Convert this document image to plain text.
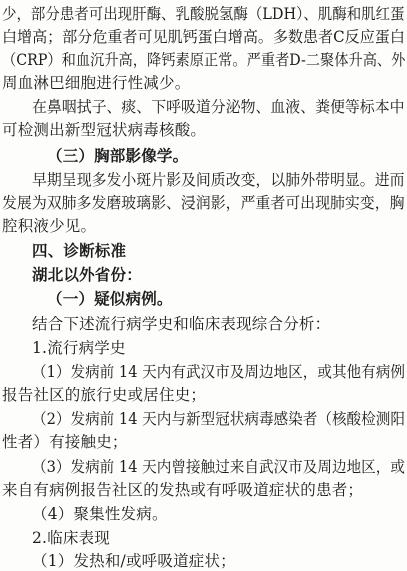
少，部分患者可出现肝酶、乳酸脱氢酶（LDH）、肌酶和肌红蛋
白增高；部分危重者可见肌钙蛋白增高。多数患者C反应蛋白
（CRP）和血沉升高，降钙素原正常。严重者D-二聚体升高、外
周血淋巴细胞进行性减少。
在鼻咽拭子、痰、下呼吸道分泌物、血液、粪便等标本中
可检测出新型冠状病毒核酸。
（三）胸部影像学。
早期呈现多发小斑片影及间质改变，以肺外带明显。进而
发展为双肺多发磨玻璃影、浸润影，严重者可出现肺实变，胸
腔积液少见。
四、诊断标准
湖北以外省份：
（一）疑似病例。
结合下述流行病学史和临床表现综合分析：
1.流行病学史
（1）发病前 14 天内有武汉市及周边地区，或其他有病例
报告社区的旅行史或居住史；
（2）发病前 14 天内与新型冠状病毒感染者（核酸检测阳
性者）有接触史；
（3）发病前 14 天内曾接触过来自武汉市及周边地区，或
来自有病例报告社区的发热或有呼吸道症状的患者；
（4）聚集性发病。
2.临床表现
（1）发热和/或呼吸道症状；
